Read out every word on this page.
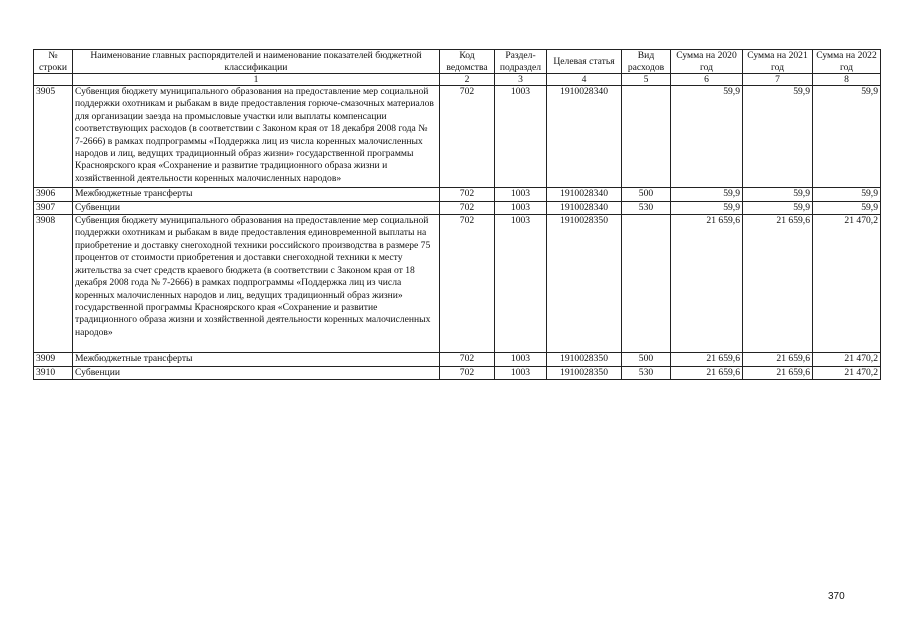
№ строки	Наименование главных распорядителей и наименование показателей бюджетной классификации	Код ведомства	Раздел-подраздел	Целевая статья	Вид расходов	Сумма на 2020 год	Сумма на 2021 год	Сумма на 2022 год
	1	2	3	4	5	6	7	8
3905	Субвенция бюджету муниципального образования на предоставление мер социальной поддержки охотникам и рыбакам в виде предоставления горюче-смазочных материалов для организации заезда на промысловые участки или выплаты компенсации соответствующих расходов (в соответствии с Законом края от 18 декабря 2008 года № 7-2666) в рамках подпрограммы «Поддержка лиц из числа коренных малочисленных народов и лиц, ведущих традиционный образ жизни» государственной программы Красноярского края «Сохранение и развитие традиционного образа жизни и хозяйственной деятельности коренных малочисленных народов»	702	1003	1910028340		59,9	59,9	59,9
3906	Межбюджетные трансферты	702	1003	1910028340	500	59,9	59,9	59,9
3907	Субвенции	702	1003	1910028340	530	59,9	59,9	59,9
3908	Субвенция бюджету муниципального образования на предоставление мер социальной поддержки охотникам и рыбакам в виде предоставления единовременной выплаты на приобретение и доставку снегоходной техники российского производства в размере 75 процентов от стоимости приобретения и доставки снегоходной техники к месту жительства за счет средств краевого бюджета (в соответствии с Законом края от 18 декабря 2008 года № 7-2666) в рамках подпрограммы «Поддержка лиц из числа коренных малочисленных народов и лиц, ведущих традиционный образ жизни» государственной программы Красноярского края «Сохранение и развитие традиционного образа жизни и хозяйственной деятельности коренных малочисленных народов»	702	1003	1910028350		21 659,6	21 659,6	21 470,2
3909	Межбюджетные трансферты	702	1003	1910028350	500	21 659,6	21 659,6	21 470,2
3910	Субвенции	702	1003	1910028350	530	21 659,6	21 659,6	21 470,2
370
